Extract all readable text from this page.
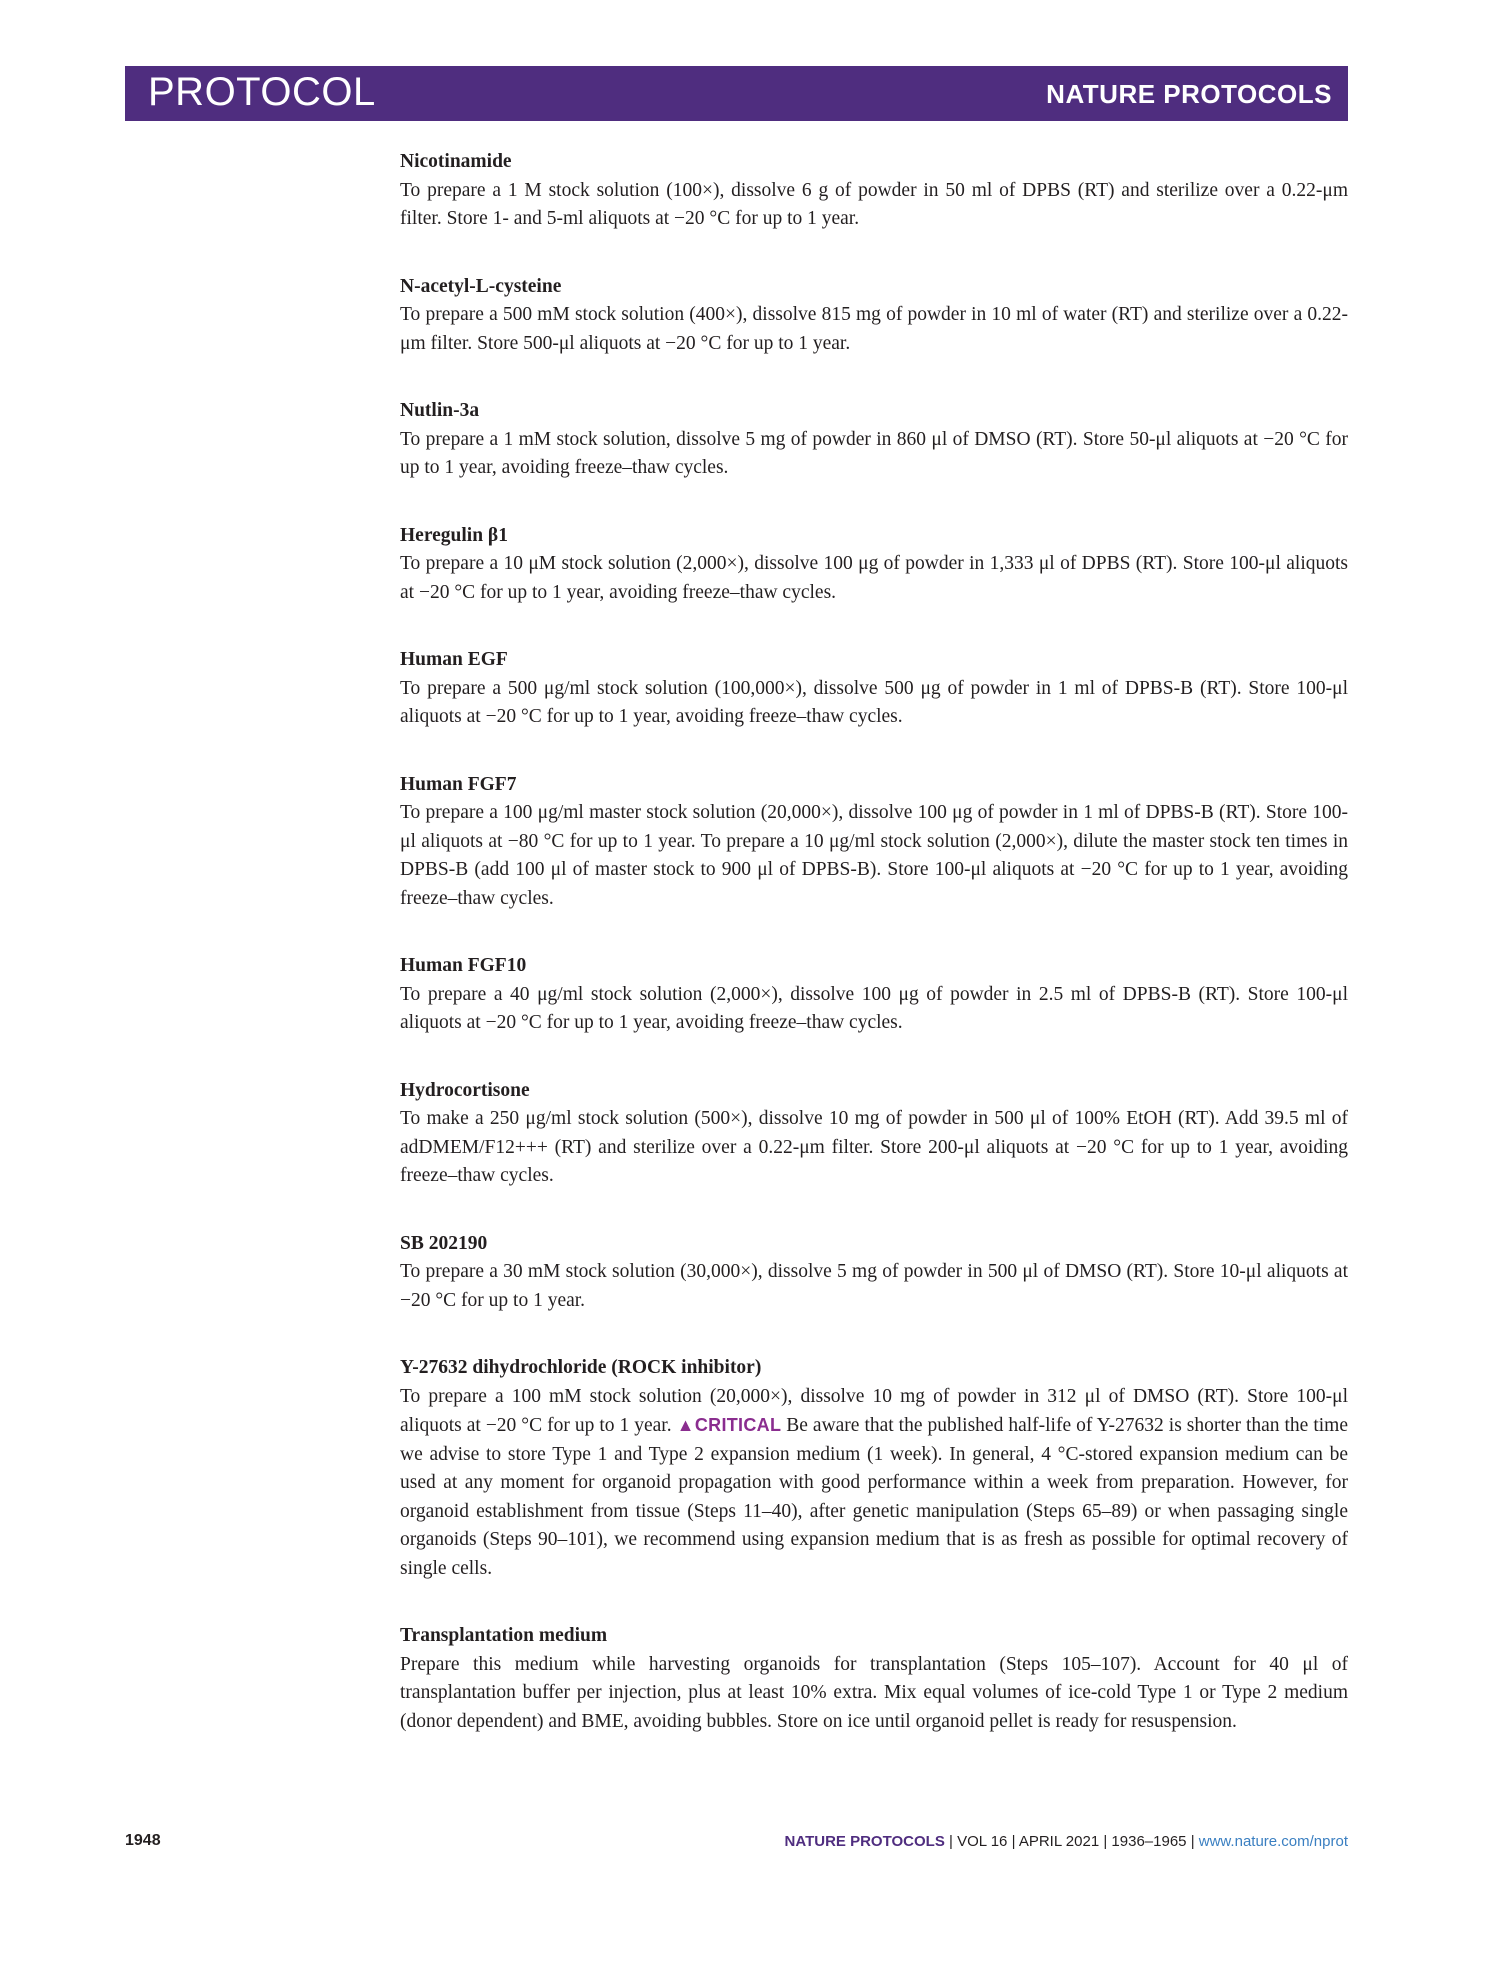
PROTOCOL	NATURE PROTOCOLS

Nicotinamide

To prepare a 1 M stock solution (100×), dissolve 6 g of powder in 50 ml of DPBS (RT) and sterilize over a 0.22-μm filter. Store 1- and 5-ml aliquots at −20 °C for up to 1 year.

N-acetyl-L-cysteine

To prepare a 500 mM stock solution (400×), dissolve 815 mg of powder in 10 ml of water (RT) and sterilize over a 0.22-μm filter. Store 500-μl aliquots at −20 °C for up to 1 year.

Nutlin-3a

To prepare a 1 mM stock solution, dissolve 5 mg of powder in 860 μl of DMSO (RT). Store 50-μl aliquots at −20 °C for up to 1 year, avoiding freeze–thaw cycles.

Heregulin β1

To prepare a 10 μM stock solution (2,000×), dissolve 100 μg of powder in 1,333 μl of DPBS (RT). Store 100-μl aliquots at −20 °C for up to 1 year, avoiding freeze–thaw cycles.

Human EGF

To prepare a 500 μg/ml stock solution (100,000×), dissolve 500 μg of powder in 1 ml of DPBS-B (RT). Store 100-μl aliquots at −20 °C for up to 1 year, avoiding freeze–thaw cycles.

Human FGF7

To prepare a 100 μg/ml master stock solution (20,000×), dissolve 100 μg of powder in 1 ml of DPBS-B (RT). Store 100-μl aliquots at −80 °C for up to 1 year. To prepare a 10 μg/ml stock solution (2,000×), dilute the master stock ten times in DPBS-B (add 100 μl of master stock to 900 μl of DPBS-B). Store 100-μl aliquots at −20 °C for up to 1 year, avoiding freeze–thaw cycles.

Human FGF10

To prepare a 40 μg/ml stock solution (2,000×), dissolve 100 μg of powder in 2.5 ml of DPBS-B (RT). Store 100-μl aliquots at −20 °C for up to 1 year, avoiding freeze–thaw cycles.

Hydrocortisone

To make a 250 μg/ml stock solution (500×), dissolve 10 mg of powder in 500 μl of 100% EtOH (RT). Add 39.5 ml of adDMEM/F12+++ (RT) and sterilize over a 0.22-μm filter. Store 200-μl aliquots at −20 °C for up to 1 year, avoiding freeze–thaw cycles.

SB 202190

To prepare a 30 mM stock solution (30,000×), dissolve 5 mg of powder in 500 μl of DMSO (RT). Store 10-μl aliquots at −20 °C for up to 1 year.

Y-27632 dihydrochloride (ROCK inhibitor)

To prepare a 100 mM stock solution (20,000×), dissolve 10 mg of powder in 312 μl of DMSO (RT). Store 100-μl aliquots at −20 °C for up to 1 year. ▲CRITICAL Be aware that the published half-life of Y-27632 is shorter than the time we advise to store Type 1 and Type 2 expansion medium (1 week). In general, 4 °C-stored expansion medium can be used at any moment for organoid propagation with good performance within a week from preparation. However, for organoid establishment from tissue (Steps 11–40), after genetic manipulation (Steps 65–89) or when passaging single organoids (Steps 90–101), we recommend using expansion medium that is as fresh as possible for optimal recovery of single cells.

Transplantation medium

Prepare this medium while harvesting organoids for transplantation (Steps 105–107). Account for 40 μl of transplantation buffer per injection, plus at least 10% extra. Mix equal volumes of ice-cold Type 1 or Type 2 medium (donor dependent) and BME, avoiding bubbles. Store on ice until organoid pellet is ready for resuspension.

1948	NATURE PROTOCOLS | VOL 16 | APRIL 2021 | 1936–1965 | www.nature.com/nprot
